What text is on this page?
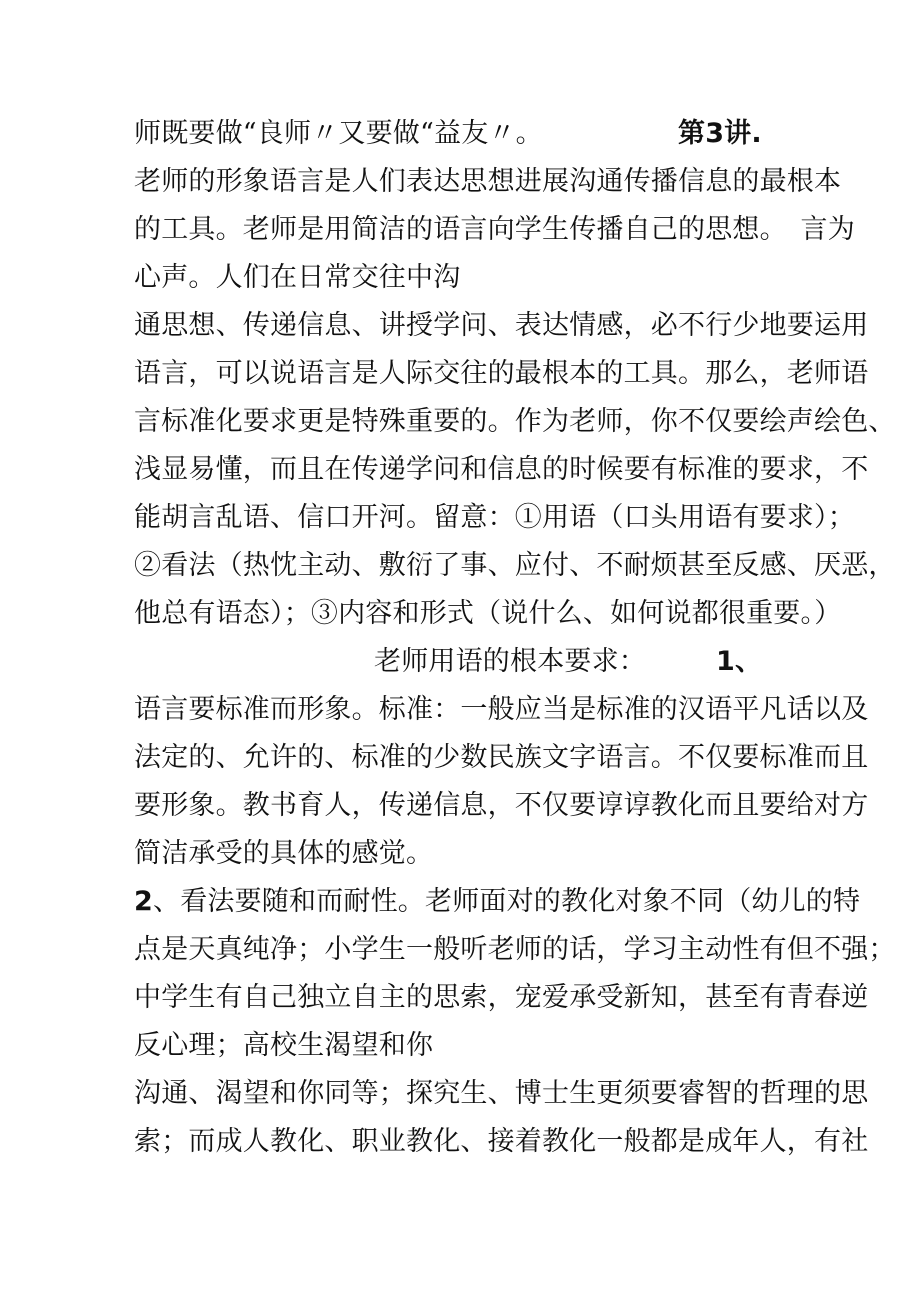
师既要做“良师〃又要做“益友〃。	第3讲.
老师的形象语言是人们表达思想进展沟通传播信息的最根本
的工具。老师是用简洁的语言向学生传播自己的思想。　言为
心声。人们在日常交往中沟
通思想、传递信息、讲授学问、表达情感，必不行少地要运用
语言，可以说语言是人际交往的最根本的工具。那么，老师语
言标准化要求更是特殊重要的。作为老师，你不仅要绘声绘色、
浅显易懂，而且在传递学问和信息的时候要有标准的要求，不
能胡言乱语、信口开河。留意：①用语（口头用语有要求）；
②看法（热忱主动、敷衍了事、应付、不耐烦甚至反感、厌恶，
他总有语态）；③内容和形式（说什么、如何说都很重要。）
老师用语的根本要求：	1、
语言要标准而形象。标准：一般应当是标准的汉语平凡话以及
法定的、允许的、标准的少数民族文字语言。不仅要标准而且
要形象。教书育人，传递信息，不仅要谆谆教化而且要给对方
简洁承受的具体的感觉。
2、看法要随和而耐性。老师面对的教化对象不同（幼儿的特
点是天真纯净；小学生一般听老师的话，学习主动性有但不强；
中学生有自己独立自主的思索，宠爱承受新知，甚至有青春逆
反心理；高校生渴望和你
沟通、渴望和你同等；探究生、博士生更须要睿智的哲理的思
索；而成人教化、职业教化、接着教化一般都是成年人，有社
